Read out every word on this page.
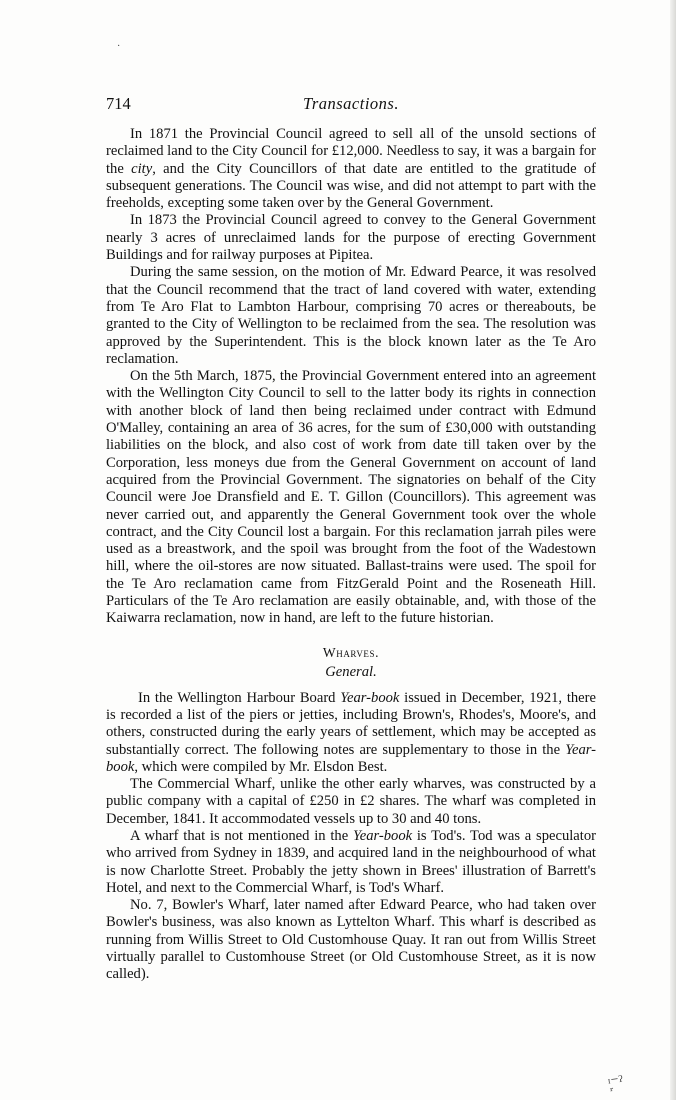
·
ᶦ᷊⁻ˀ
714	Transactions.

In 1871 the Provincial Council agreed to sell all of the unsold sections of reclaimed land to the City Council for £12,000. Needless to say, it was a bargain for the city, and the City Councillors of that date are entitled to the gratitude of subsequent generations. The Council was wise, and did not attempt to part with the freeholds, excepting some taken over by the General Government.

In 1873 the Provincial Council agreed to convey to the General Government nearly 3 acres of unreclaimed lands for the purpose of erecting Government Buildings and for railway purposes at Pipitea.

During the same session, on the motion of Mr. Edward Pearce, it was resolved that the Council recommend that the tract of land covered with water, extending from Te Aro Flat to Lambton Harbour, comprising 70 acres or thereabouts, be granted to the City of Wellington to be reclaimed from the sea. The resolution was approved by the Superintendent. This is the block known later as the Te Aro reclamation.

On the 5th March, 1875, the Provincial Government entered into an agreement with the Wellington City Council to sell to the latter body its rights in connection with another block of land then being reclaimed under contract with Edmund O'Malley, containing an area of 36 acres, for the sum of £30,000 with outstanding liabilities on the block, and also cost of work from date till taken over by the Corporation, less moneys due from the General Government on account of land acquired from the Provincial Government. The signatories on behalf of the City Council were Joe Dransfield and E. T. Gillon (Councillors). This agreement was never carried out, and apparently the General Government took over the whole contract, and the City Council lost a bargain. For this reclamation jarrah piles were used as a breastwork, and the spoil was brought from the foot of the Wadestown hill, where the oil-stores are now situated. Ballast-trains were used. The spoil for the Te Aro reclamation came from FitzGerald Point and the Roseneath Hill. Particulars of the Te Aro reclamation are easily obtainable, and, with those of the Kaiwarra reclamation, now in hand, are left to the future historian.

Wharves.
General.

In the Wellington Harbour Board Year-book issued in December, 1921, there is recorded a list of the piers or jetties, including Brown's, Rhodes's, Moore's, and others, constructed during the early years of settlement, which may be accepted as substantially correct. The following notes are supplementary to those in the Year-book, which were compiled by Mr. Elsdon Best.

The Commercial Wharf, unlike the other early wharves, was constructed by a public company with a capital of £250 in £2 shares. The wharf was completed in December, 1841. It accommodated vessels up to 30 and 40 tons.

A wharf that is not mentioned in the Year-book is Tod's. Tod was a speculator who arrived from Sydney in 1839, and acquired land in the neighbourhood of what is now Charlotte Street. Probably the jetty shown in Brees' illustration of Barrett's Hotel, and next to the Commercial Wharf, is Tod's Wharf.

No. 7, Bowler's Wharf, later named after Edward Pearce, who had taken over Bowler's business, was also known as Lyttelton Wharf. This wharf is described as running from Willis Street to Old Customhouse Quay. It ran out from Willis Street virtually parallel to Customhouse Street (or Old Customhouse Street, as it is now called).
